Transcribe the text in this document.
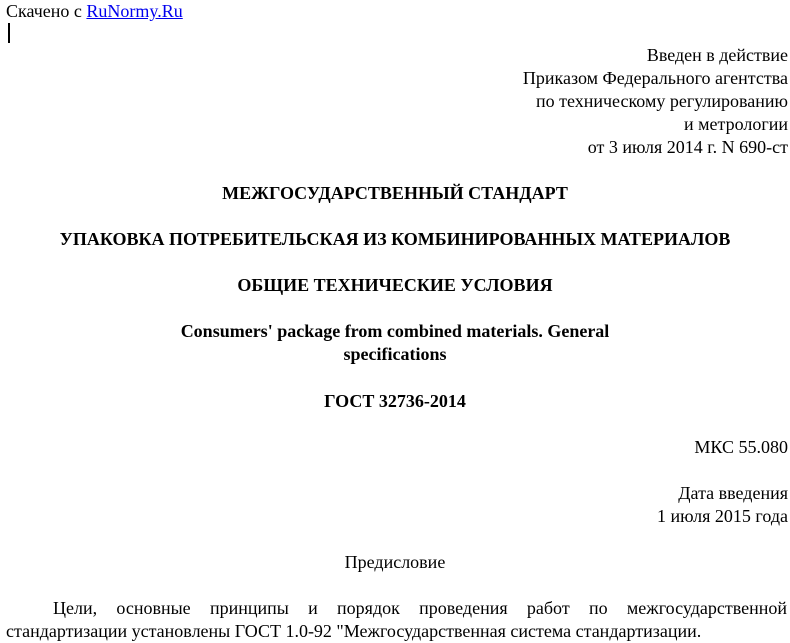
Скачено с RuNormy.Ru
Введен в действие
Приказом Федерального агентства
по техническому регулированию
и метрологии
от 3 июля 2014 г. N 690-ст
МЕЖГОСУДАРСТВЕННЫЙ СТАНДАРТ
УПАКОВКА ПОТРЕБИТЕЛЬСКАЯ ИЗ КОМБИНИРОВАННЫХ МАТЕРИАЛОВ
ОБЩИЕ ТЕХНИЧЕСКИЕ УСЛОВИЯ
Consumers' package from combined materials. General
specifications
ГОСТ 32736-2014
МКС 55.080
Дата введения
1 июля 2015 года
Предисловие
Цели, основные принципы и порядок проведения работ по межгосударственной стандартизации установлены ГОСТ 1.0-92 "Межгосударственная система стандартизации.
